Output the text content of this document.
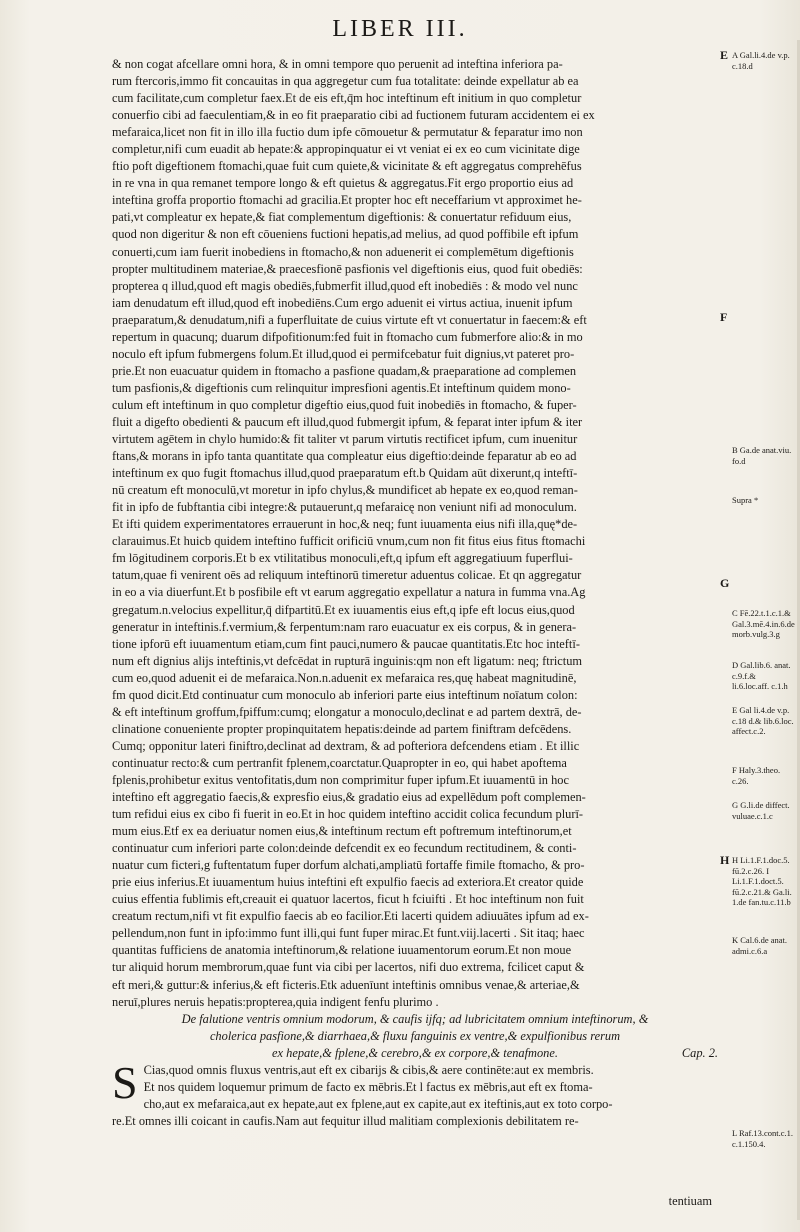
LIBER III.

& non cogat afcellare omni hora, & in omni tempore quo peruenit ad inteftina inferiora pa-

rum ftercoris,immo fit concauitas in qua aggregetur cum fua totalitate: deinde expellatur ab ea

cum facilitate,cum completur faex.Et de eis eft,q̄m hoc inteftinum eft initium in quo completur

conuerfio cibi ad faeculentiam,& in eo fit praeparatio cibi ad fuctionem futuram accidentem ei ex

mefaraica,licet non fit in illo illa fuctio dum ipfe cōmouetur & permutatur & feparatur imo non

completur,nifi cum euadit ab hepate:& appropinquatur ei vt veniat ei ex eo cum vicinitate dige

ftio poft digeftionem ftomachi,quae fuit cum quiete,& vicinitate & eft aggregatus comprehēfus

in re vna in qua remanet tempore longo & eft quietus & aggregatus.Fit ergo proportio eius ad

inteftina groffa proportio ftomachi ad gracilia.Et propter hoc eft neceffarium vt approximet he-

pati,vt compleatur ex hepate,& fiat complementum digeftionis: & conuertatur refiduum eius,

quod non digeritur & non eft cōueniens fuctioni hepatis,ad melius, ad quod poffibile eft ipfum

conuerti,cum iam fuerit inobediens in ftomacho,& non aduenerit ei complemētum digeftionis

propter multitudinem materiae,& praecesfionē pasfionis vel digeftionis eius, quod fuit obediēs:

propterea q illud,quod eft magis obediēs,fubmerfit illud,quod eft inobediēs : & modo vel nunc

iam denudatum eft illud,quod eft inobediēns.Cum ergo aduenit ei virtus actiua, inuenit ipfum

praeparatum,& denudatum,nifi a fuperfluitate de cuius virtute eft vt conuertatur in faecem:& eft

repertum in quacunq; duarum difpofitionum:fed fuit in ftomacho cum fubmerfore alio:& in mo

noculo eft ipfum fubmergens folum.Et illud,quod ei permifcebatur fuit dignius,vt pateret pro-

prie.Et non euacuatur quidem in ftomacho a pasfione quadam,& praeparatione ad complemen

tum pasfionis,& digeftionis cum relinquitur impresfioni agentis.Et inteftinum quidem mono-

culum eft inteftinum in quo completur digeftio eius,quod fuit inobediēs in ftomacho, & fuper-

fluit a digefto obedienti & paucum eft illud,quod fubmergit ipfum, & feparat inter ipfum & iter

virtutem agētem in chylo humido:& fit taliter vt parum virtutis rectificet ipfum, cum inuenitur

ftans,& morans in ipfo tanta quantitate qua compleatur eius digeftio:deinde feparatur ab eo ad

inteftinum ex quo fugit ftomachus illud,quod praeparatum eft.b Quidam aūt dixerunt,q inteftī-

nū creatum eft monoculū,vt moretur in ipfo chylus,& mundificet ab hepate ex eo,quod reman-

fit in ipfo de fubftantia cibi integre:& putauerunt,q mefaraicę non veniunt nifi ad monoculum.

Et ifti quidem experimentatores errauerunt in hoc,& neq; funt iuuamenta eius nifi illa,quę*de-

clarauimus.Et huicb quidem inteftino fufficit orificiū vnum,cum non fit fitus eius fitus ftomachi

fm lōgitudinem corporis.Et b ex vtilitatibus monoculi,eft,q ipfum eft aggregatiuum fuperflui-

tatum,quae fi venirent oēs ad reliquum inteftinorū timeretur aduentus colicae. Et qn aggregatur

in eo a via diuerfunt.Et b posfibile eft vt earum aggregatio expellatur a natura in fumma vna.Ag

gregatum.n.velocius expellitur,q̄ difpartitū.Et ex iuuamentis eius eft,q ipfe eft locus eius,quod

generatur in inteftinis.f.vermium,& ferpentum:nam raro euacuatur ex eis corpus, & in genera-

tione ipforū eft iuuamentum etiam,cum fint pauci,numero & paucae quantitatis.Etc hoc inteftī-

num eft dignius alijs inteftinis,vt defcēdat in rupturā inguinis:qm non eft ligatum: neq; ftrictum

cum eo,quod aduenit ei de mefaraica.Non.n.aduenit ex mefaraica res,quę habeat magnitudinē,

fm quod dicit.Etd continuatur cum monoculo ab inferiori parte eius inteftinum noīatum colon:

& eft inteftinum groffum,fpiffum:cumq; elongatur a monoculo,declinat e ad partem dextrā, de-

clinatione conueniente propter propinquitatem hepatis:deinde ad partem finiftram defcēdens.

Cumq; opponitur lateri finiftro,declinat ad dextram, & ad pofteriora defcendens etiam . Et illic

continuatur recto:& cum pertranfit fplenem,coarctatur.Quapropter in eo, qui habet apoftema

fplenis,prohibetur exitus ventofitatis,dum non comprimitur fuper ipfum.Et iuuamentū in hoc

inteftino eft aggregatio faecis,& expresfio eius,& gradatio eius ad expellēdum poft complemen-

tum refidui eius ex cibo fi fuerit in eo.Et in hoc quidem inteftino accidit colica fecundum plurī-

mum eius.Etf ex ea deriuatur nomen eius,& inteftinum rectum eft poftremum inteftinorum,et

continuatur cum inferiori parte colon:deinde defcendit ex eo fecundum rectitudinem, & conti-

nuatur cum ficteri,g fuftentatum fuper dorfum alchati,ampliatū fortaffe fimile ftomacho, & pro-

prie eius inferius.Et iuuamentum huius inteftini eft expulfio faecis ad exteriora.Et creator quide

cuius effentia fublimis eft,creauit ei quatuor lacertos, ficut h fciuifti . Et hoc inteftinum non fuit

creatum rectum,nifi vt fit expulfio faecis ab eo facilior.Eti lacerti quidem adiuuātes ipfum ad ex-

pellendum,non funt in ipfo:immo funt illi,qui funt fuper mirac.Et funt.viij.lacerti . Sit itaq; haec

quantitas fufficiens de anatomia inteftinorum,& relatione iuuamentorum eorum.Et non moue

tur aliquid horum membrorum,quae funt via cibi per lacertos, nifi duo extrema, fcilicet caput &

eft meri,& guttur:& inferius,& eft ficteris.Etk aduenīunt inteftinis omnibus venae,& arteriae,&

neruī,plures neruis hepatis:propterea,quia indigent fenfu plurimo .

De falutione ventris omnium modorum, & caufis ijfq; ad lubricitatem omnium inteftinorum, &

cholerica pasfione,& diarrhaea,& fluxu fanguinis ex ventre,& expulfionibus rerum

ex hepate,& fplene,& cerebro,& ex corpore,& tenafmone.	Cap. 2.
S Cias,quod omnis fluxus ventris,aut eft ex cibarijs & cibis,& aere continēte:aut ex membris.

Et nos quidem loquemur primum de facto ex mēbris.Et l factus ex mēbris,aut eft ex ftoma-

cho,aut ex mefaraica,aut ex hepate,aut ex fplene,aut ex capite,aut ex iteftinis,aut ex toto corpo-

re.Et omnes illi coicant in caufis.Nam aut fequitur illud malitiam complexionis debilitatem re-

tentiuam
E A Gal.li.4.de v.p. c.18.d

F

B Ga.de anat.viu. fo.d

Supra *

G

C Fē.22.t.1.c.1.& Gal.3.mē.4.in.6.de morb.vulg.3.g

D Gal.lib.6. anat. c.9.f.& li.6.loc.aff. c.1.h

E Gal li.4.de v.p. c.18 d.& lib.6.loc. affect.c.2.

F Haly.3.theo. c.26.

G G.li.de diffect. vuluae.c.1.c

H H Li.1.F.1.doc.5. fū.2.c.26. I Li.1.F.1.doct.5. fū.2.c.21.& Ga.li. 1.de fan.tu.c.11.b

K Cal.6.de anat. admi.c.6.a

L Raf.13.cont.c.1. c.1.150.4.
